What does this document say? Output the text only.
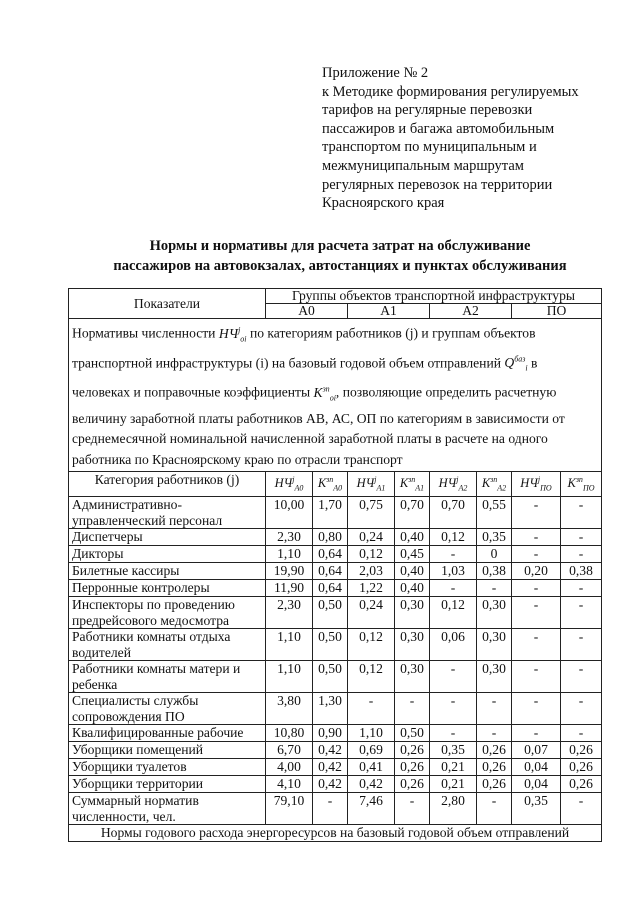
Приложение № 2
к Методике формирования регулируемых
тарифов на регулярные перевозки
пассажиров и багажа автомобильным
транспортом по муниципальным и
межмуниципальным маршрутам
регулярных перевозок на территории
Красноярского края
Нормы и нормативы для расчета затрат на обслуживание
пассажиров на автовокзалах, автостанциях и пунктах обслуживания
Показатели	Группы объектов транспортной инфраструктуры							
	А0		А1		А2		ПО	
Нормативы численности $НЧ^j_{oi}$ по категориям работников (j) и группам объектов транспортной инфраструктуры (i) на базовый годовой объем отправлений $Q^{баз}_i$ в человеках и поправочные коэффициенты $К^{зп}_{oi}$, позволяющие определить расчетную величину заработной платы работников АВ, АС, ОП по категориям в зависимости от среднемесячной номинальной начисленной заработной платы в расчете на одного работника по Красноярскому краю по отрасли транспорт								
Категория работников (j)	$НЧ^j_{А0}$	$К^{зп}_{А0}$	$НЧ^j_{А1}$	$К^{зп}_{А1}$	$НЧ^j_{А2}$	$К^{зп}_{А2}$	$НЧ^j_{ПО}$	$К^{зп}_{ПО}$
Административно-управленческий персонал	10,00	1,70	0,75	0,70	0,70	0,55	-	-
Диспетчеры	2,30	0,80	0,24	0,40	0,12	0,35	-	-
Дикторы	1,10	0,64	0,12	0,45	-	0	-	-
Билетные кассиры	19,90	0,64	2,03	0,40	1,03	0,38	0,20	0,38
Перронные контролеры	11,90	0,64	1,22	0,40	-	-	-	-
Инспекторы по проведению предрейсового медосмотра	2,30	0,50	0,24	0,30	0,12	0,30	-	-
Работники комнаты отдыха водителей	1,10	0,50	0,12	0,30	0,06	0,30	-	-
Работники комнаты матери и ребенка	1,10	0,50	0,12	0,30	-	0,30	-	-
Специалисты службы сопровождения ПО	3,80	1,30	-	-	-	-	-	-
Квалифицированные рабочие	10,80	0,90	1,10	0,50	-	-	-	-
Уборщики помещений	6,70	0,42	0,69	0,26	0,35	0,26	0,07	0,26
Уборщики туалетов	4,00	0,42	0,41	0,26	0,21	0,26	0,04	0,26
Уборщики территории	4,10	0,42	0,42	0,26	0,21	0,26	0,04	0,26
Суммарный норматив численности, чел.	79,10	-	7,46	-	2,80	-	0,35	-
Нормы годового расхода энергоресурсов на базовый годовой объем отправлений								
